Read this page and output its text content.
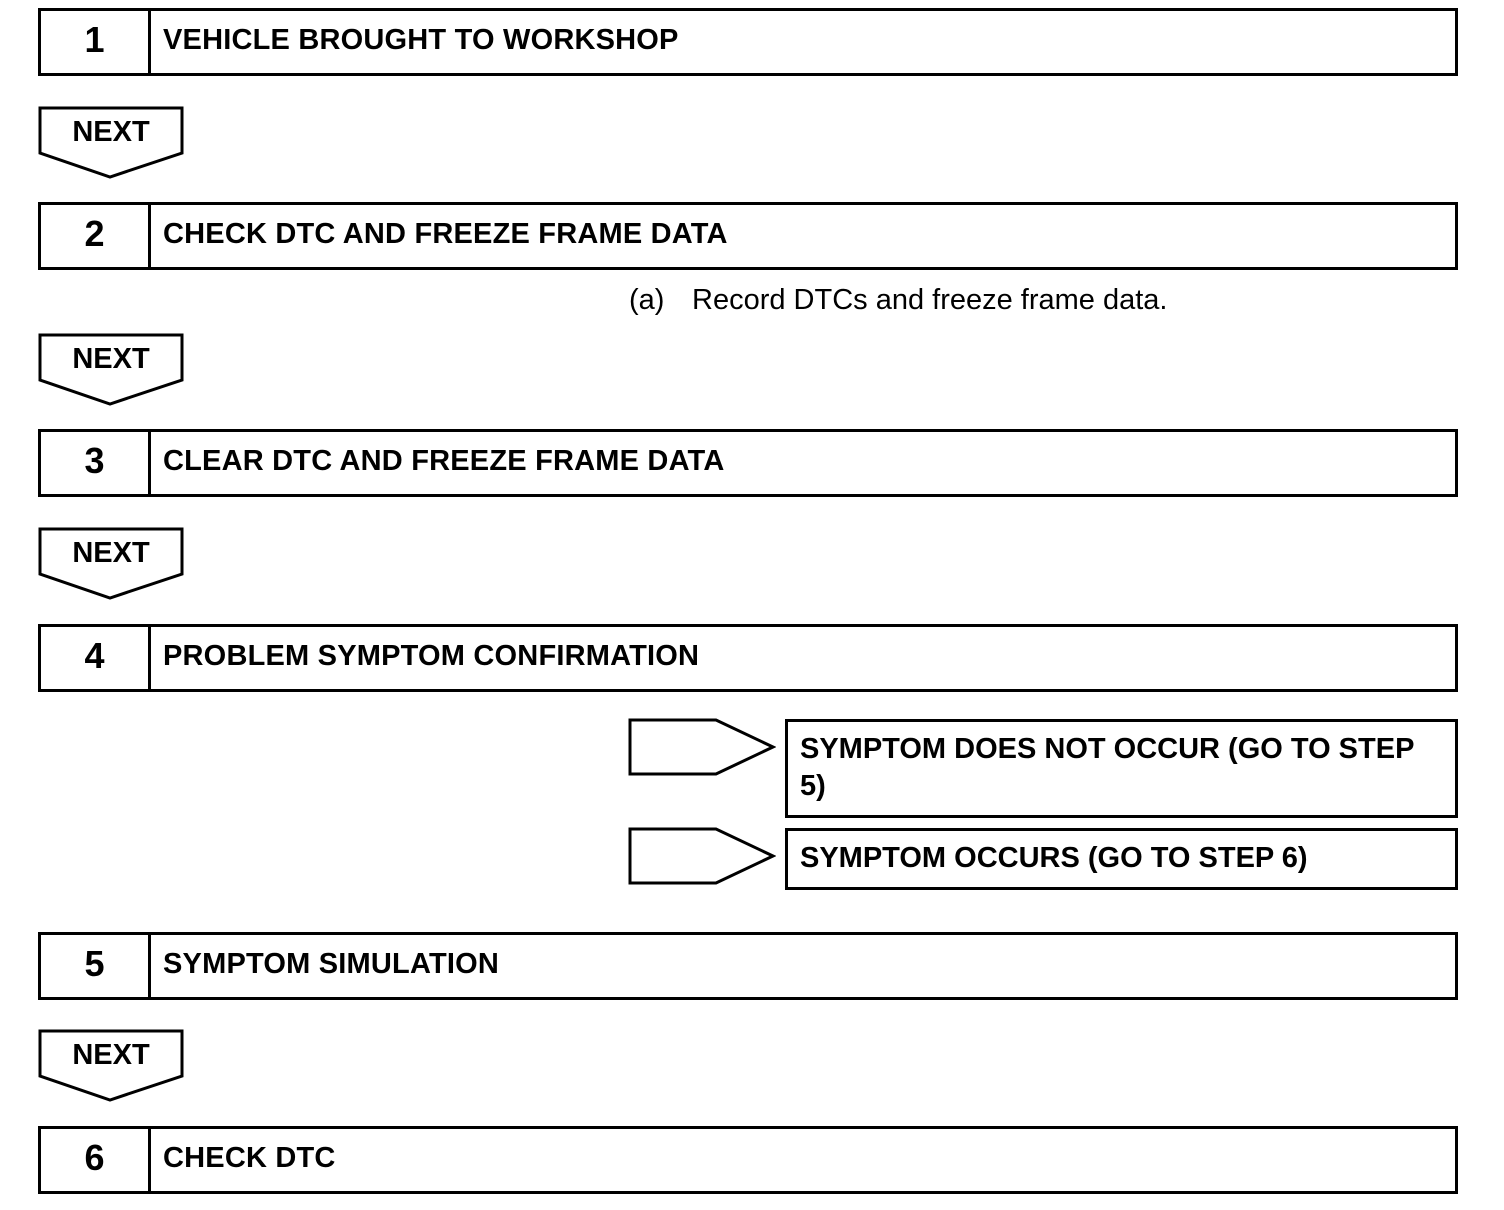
1	VEHICLE BROUGHT TO WORKSHOP
NEXT
2	CHECK DTC AND FREEZE FRAME DATA
(a) Record DTCs and freeze frame data.
NEXT
3	CLEAR DTC AND FREEZE FRAME DATA
NEXT
4	PROBLEM SYMPTOM CONFIRMATION
SYMPTOM DOES NOT OCCUR (GO TO STEP 5)
SYMPTOM OCCURS (GO TO STEP 6)
5	SYMPTOM SIMULATION
NEXT
6	CHECK DTC
